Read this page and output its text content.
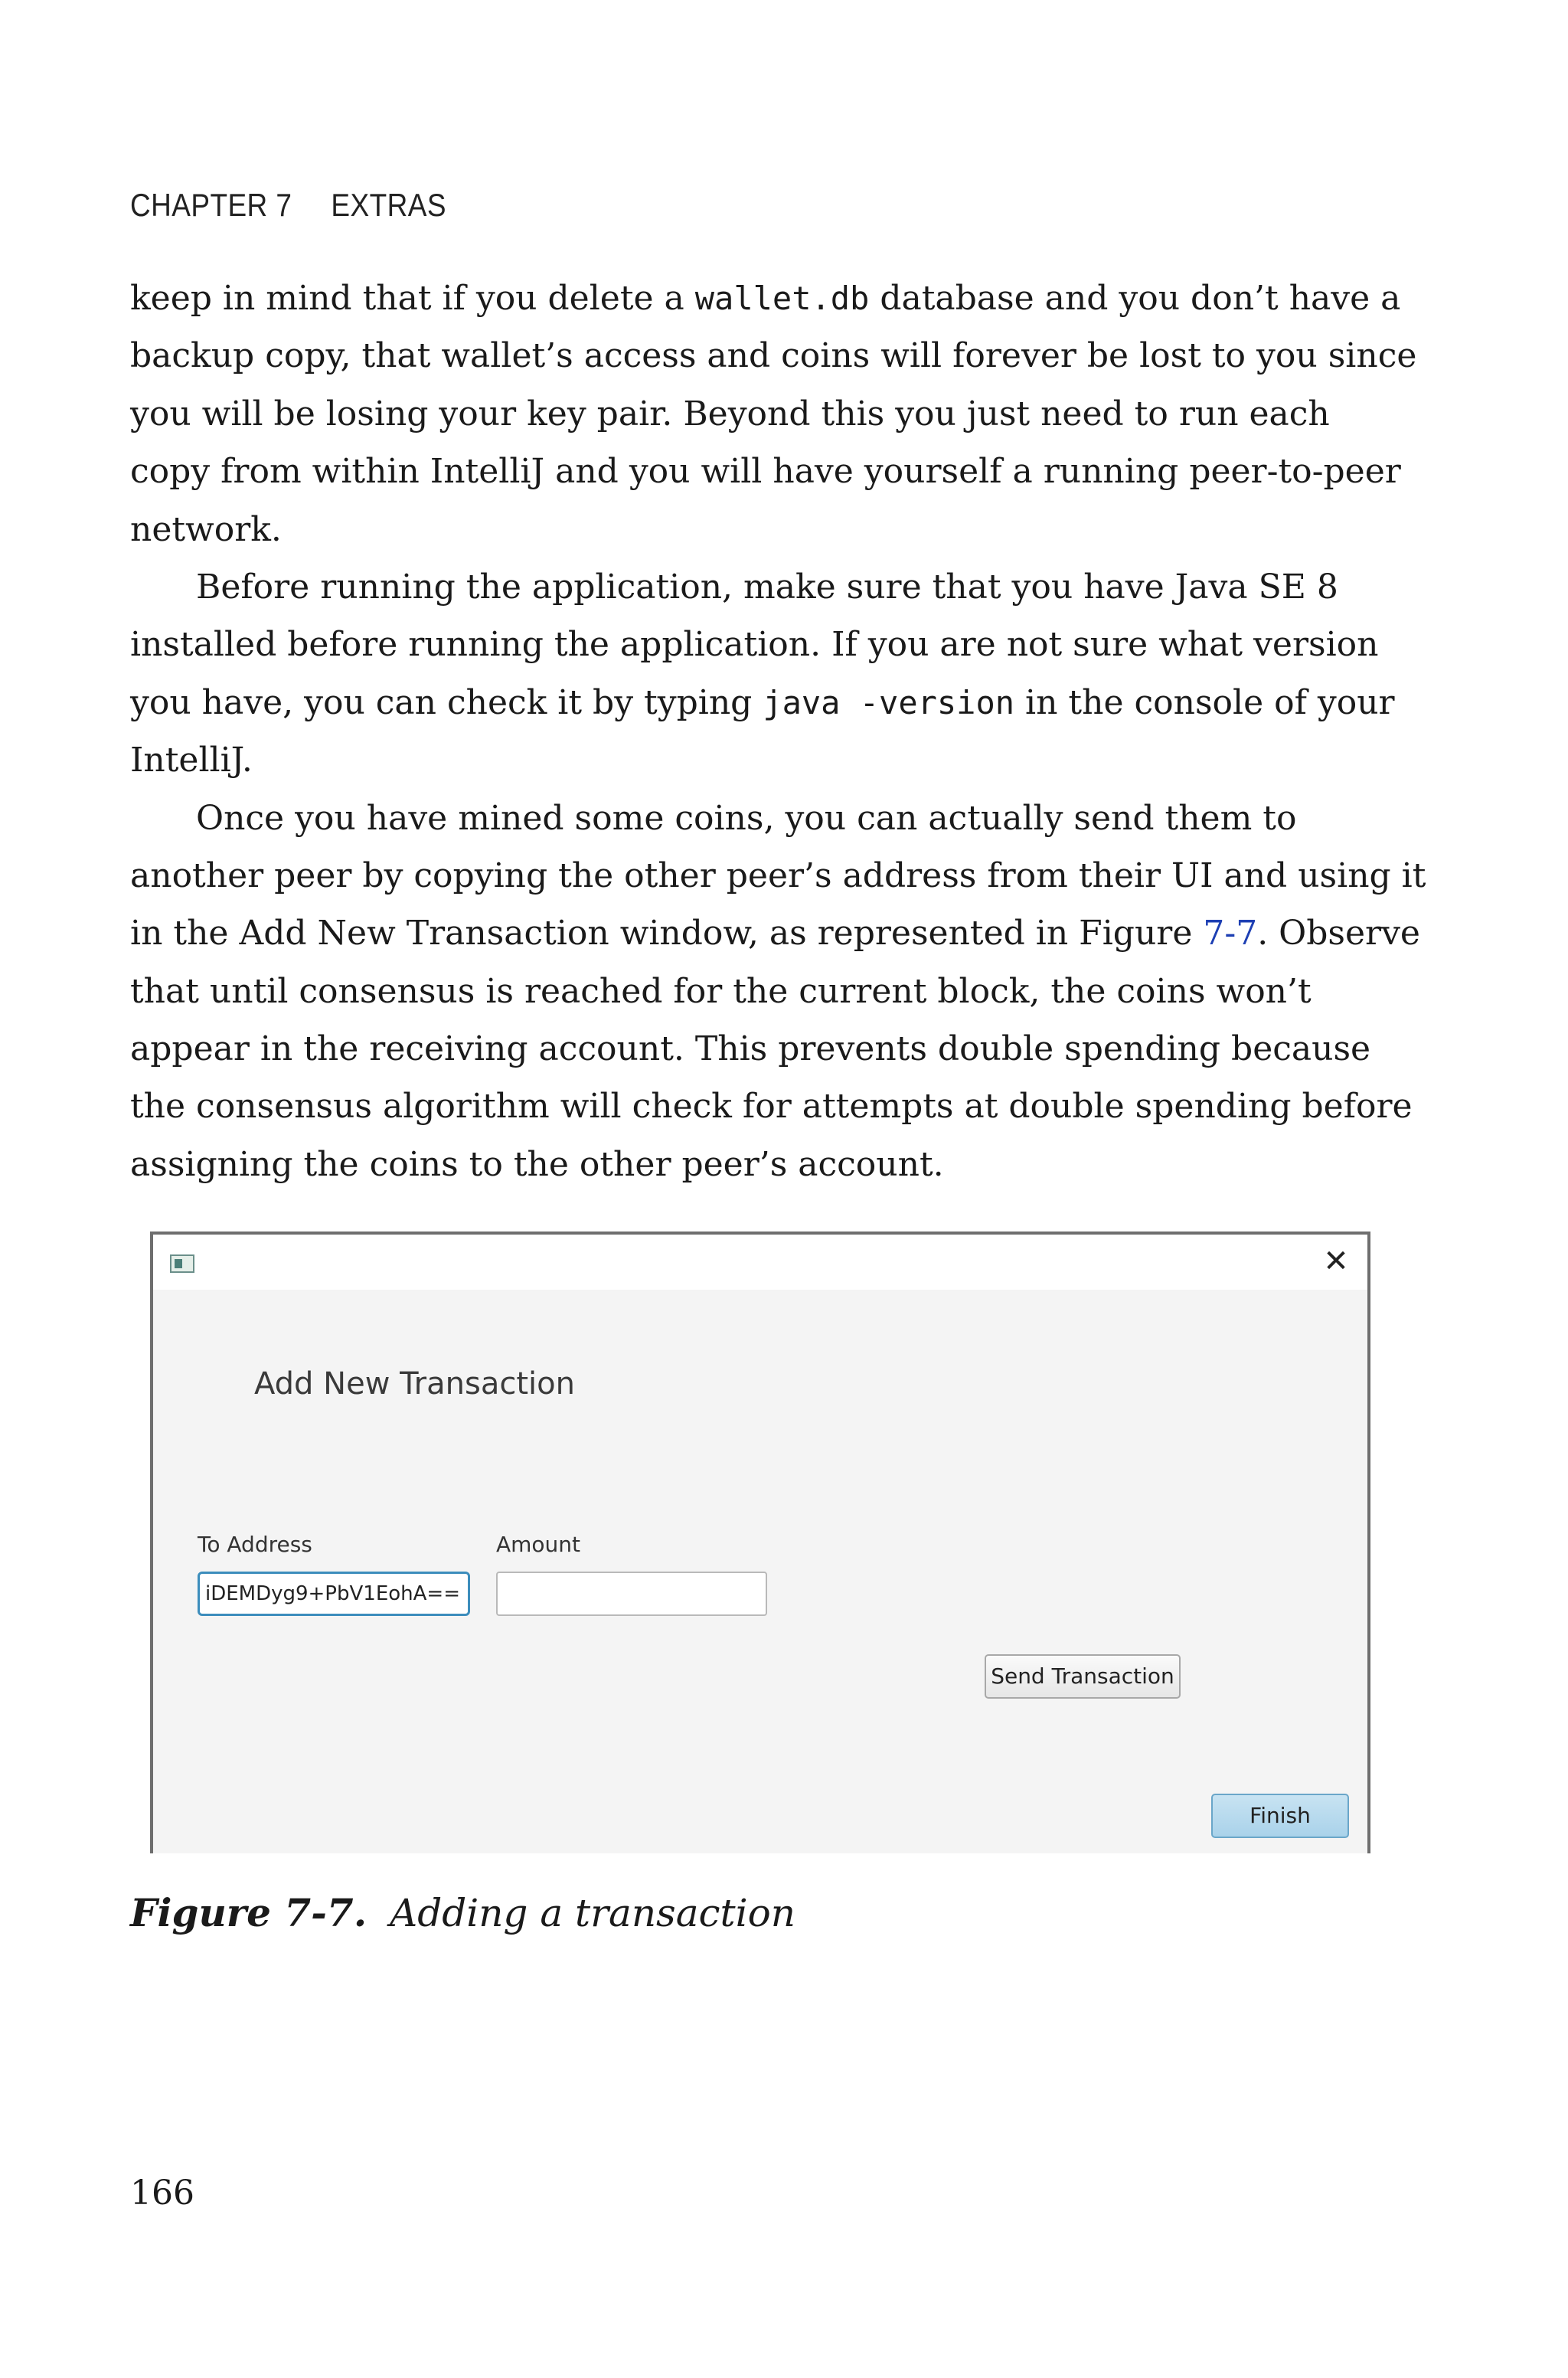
CHAPTER 7 EXTRAS
keep in mind that if you delete a wallet.db database and you don’t have a
backup copy, that wallet’s access and coins will forever be lost to you since
you will be losing your key pair. Beyond this you just need to run each
copy from within IntelliJ and you will have yourself a running peer-to-peer
network.
Before running the application, make sure that you have Java SE 8
installed before running the application. If you are not sure what version
you have, you can check it by typing java -version in the console of your
IntelliJ.
Once you have mined some coins, you can actually send them to
another peer by copying the other peer’s address from their UI and using it
in the Add New Transaction window, as represented in Figure 7-7. Observe
that until consensus is reached for the current block, the coins won’t
appear in the receiving account. This prevents double spending because
the consensus algorithm will check for attempts at double spending before
assigning the coins to the other peer’s account.
✕
Add New Transaction
To Address	Amount
iDEMDyg9+PbV1EohA==
Send Transaction
Finish
Figure 7-7. Adding a transaction
166
